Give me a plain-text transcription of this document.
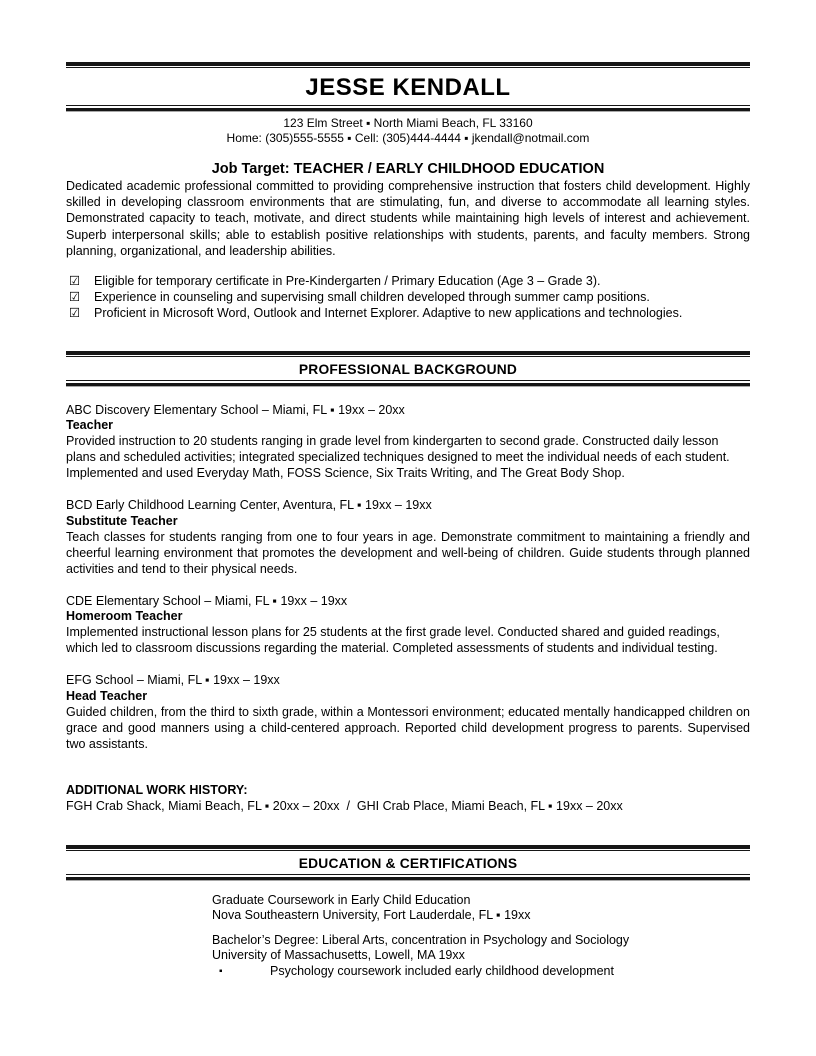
JESSE KENDALL
123 Elm Street ▪ North Miami Beach, FL 33160
Home: (305)555-5555 ▪ Cell: (305)444-4444 ▪ jkendall@notmail.com
Job Target: TEACHER / EARLY CHILDHOOD EDUCATION

Dedicated academic professional committed to providing comprehensive instruction that fosters child development. Highly skilled in developing classroom environments that are stimulating, fun, and diverse to accommodate all learning styles. Demonstrated capacity to teach, motivate, and direct students while maintaining high levels of interest and achievement. Superb interpersonal skills; able to establish positive relationships with students, parents, and faculty members. Strong planning, organizational, and leadership abilities.

☑	Eligible for temporary certificate in Pre-Kindergarten / Primary Education (Age 3 – Grade 3).
☑	Experience in counseling and supervising small children developed through summer camp positions.
☑	Proficient in Microsoft Word, Outlook and Internet Explorer. Adaptive to new applications and technologies.
PROFESSIONAL BACKGROUND
ABC Discovery Elementary School – Miami, FL ▪ 19xx – 20xx
Teacher

Provided instruction to 20 students ranging in grade level from kindergarten to second grade. Constructed daily lesson plans and scheduled activities; integrated specialized techniques designed to meet the individual needs of each student. Implemented and used Everyday Math, FOSS Science, Six Traits Writing, and The Great Body Shop.

BCD Early Childhood Learning Center, Aventura, FL ▪ 19xx – 19xx
Substitute Teacher

Teach classes for students ranging from one to four years in age. Demonstrate commitment to maintaining a friendly and cheerful learning environment that promotes the development and well-being of children. Guide students through planned activities and tend to their physical needs.

CDE Elementary School – Miami, FL ▪ 19xx – 19xx
Homeroom Teacher

Implemented instructional lesson plans for 25 students at the first grade level. Conducted shared and guided readings, which led to classroom discussions regarding the material. Completed assessments of students and individual testing.

EFG School – Miami, FL ▪ 19xx – 19xx
Head Teacher

Guided children, from the third to sixth grade, within a Montessori environment; educated mentally handicapped children on grace and good manners using a child-centered approach. Reported child development progress to parents. Supervised two assistants.

ADDITIONAL WORK HISTORY:
FGH Crab Shack, Miami Beach, FL ▪ 20xx – 20xx  /  GHI Crab Place, Miami Beach, FL ▪ 19xx – 20xx
EDUCATION & CERTIFICATIONS
Graduate Coursework in Early Child Education
Nova Southeastern University, Fort Lauderdale, FL ▪ 19xx
Bachelor’s Degree: Liberal Arts, concentration in Psychology and Sociology
University of Massachusetts, Lowell, MA 19xx
▪	Psychology coursework included early childhood development
